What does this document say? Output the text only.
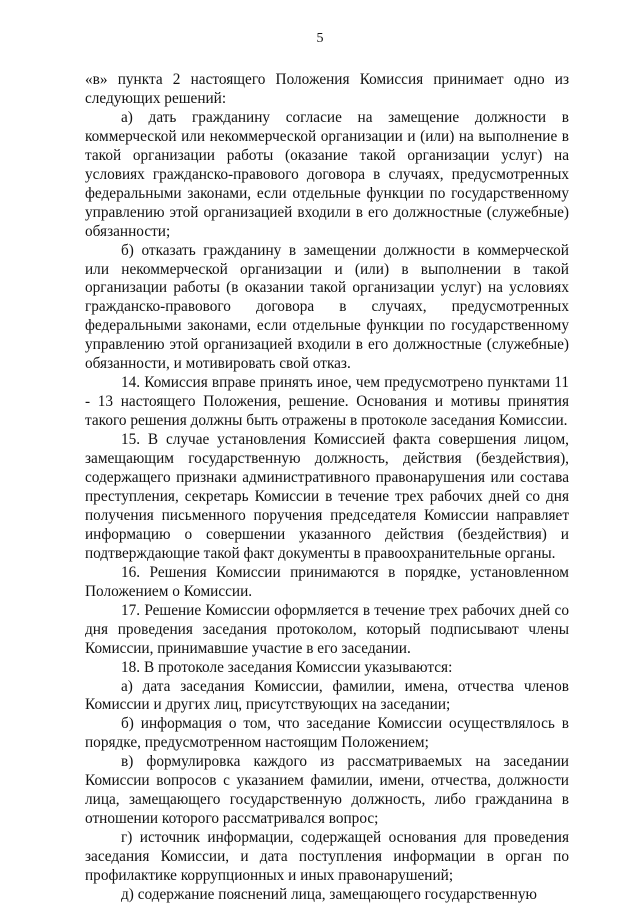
5

«в» пункта 2 настоящего Положения Комиссия принимает одно из следующих решений:

а) дать гражданину согласие на замещение должности в коммерческой или некоммерческой организации и (или) на выполнение в такой организации работы (оказание такой организации услуг) на условиях гражданско-правового договора в случаях, предусмотренных федеральными законами, если отдельные функции по государственному управлению этой организацией входили в его должностные (служебные) обязанности;

б) отказать гражданину в замещении должности в коммерческой или некоммерческой организации и (или) в выполнении в такой организации работы (в оказании такой организации услуг) на условиях гражданско-правового договора в случаях, предусмотренных федеральными законами, если отдельные функции по государственному управлению этой организацией входили в его должностные (служебные) обязанности, и мотивировать свой отказ.

14. Комиссия вправе принять иное, чем предусмотрено пунктами 11 - 13 настоящего Положения, решение. Основания и мотивы принятия такого решения должны быть отражены в протоколе заседания Комиссии.

15. В случае установления Комиссией факта совершения лицом, замещающим государственную должность, действия (бездействия), содержащего признаки административного правонарушения или состава преступления, секретарь Комиссии в течение трех рабочих дней со дня получения письменного поручения председателя Комиссии направляет информацию о совершении указанного действия (бездействия) и подтверждающие такой факт документы в правоохранительные органы.

16. Решения Комиссии принимаются в порядке, установленном Положением о Комиссии.

17. Решение Комиссии оформляется в течение трех рабочих дней со дня проведения заседания протоколом, который подписывают члены Комиссии, принимавшие участие в его заседании.

18. В протоколе заседания Комиссии указываются:

а) дата заседания Комиссии, фамилии, имена, отчества членов Комиссии и других лиц, присутствующих на заседании;

б) информация о том, что заседание Комиссии осуществлялось в порядке, предусмотренном настоящим Положением;

в) формулировка каждого из рассматриваемых на заседании Комиссии вопросов с указанием фамилии, имени, отчества, должности лица, замещающего государственную должность, либо гражданина в отношении которого рассматривался вопрос;

г) источник информации, содержащей основания для проведения заседания Комиссии, и дата поступления информации в орган по профилактике коррупционных и иных правонарушений;

д) содержание пояснений лица, замещающего государственную
